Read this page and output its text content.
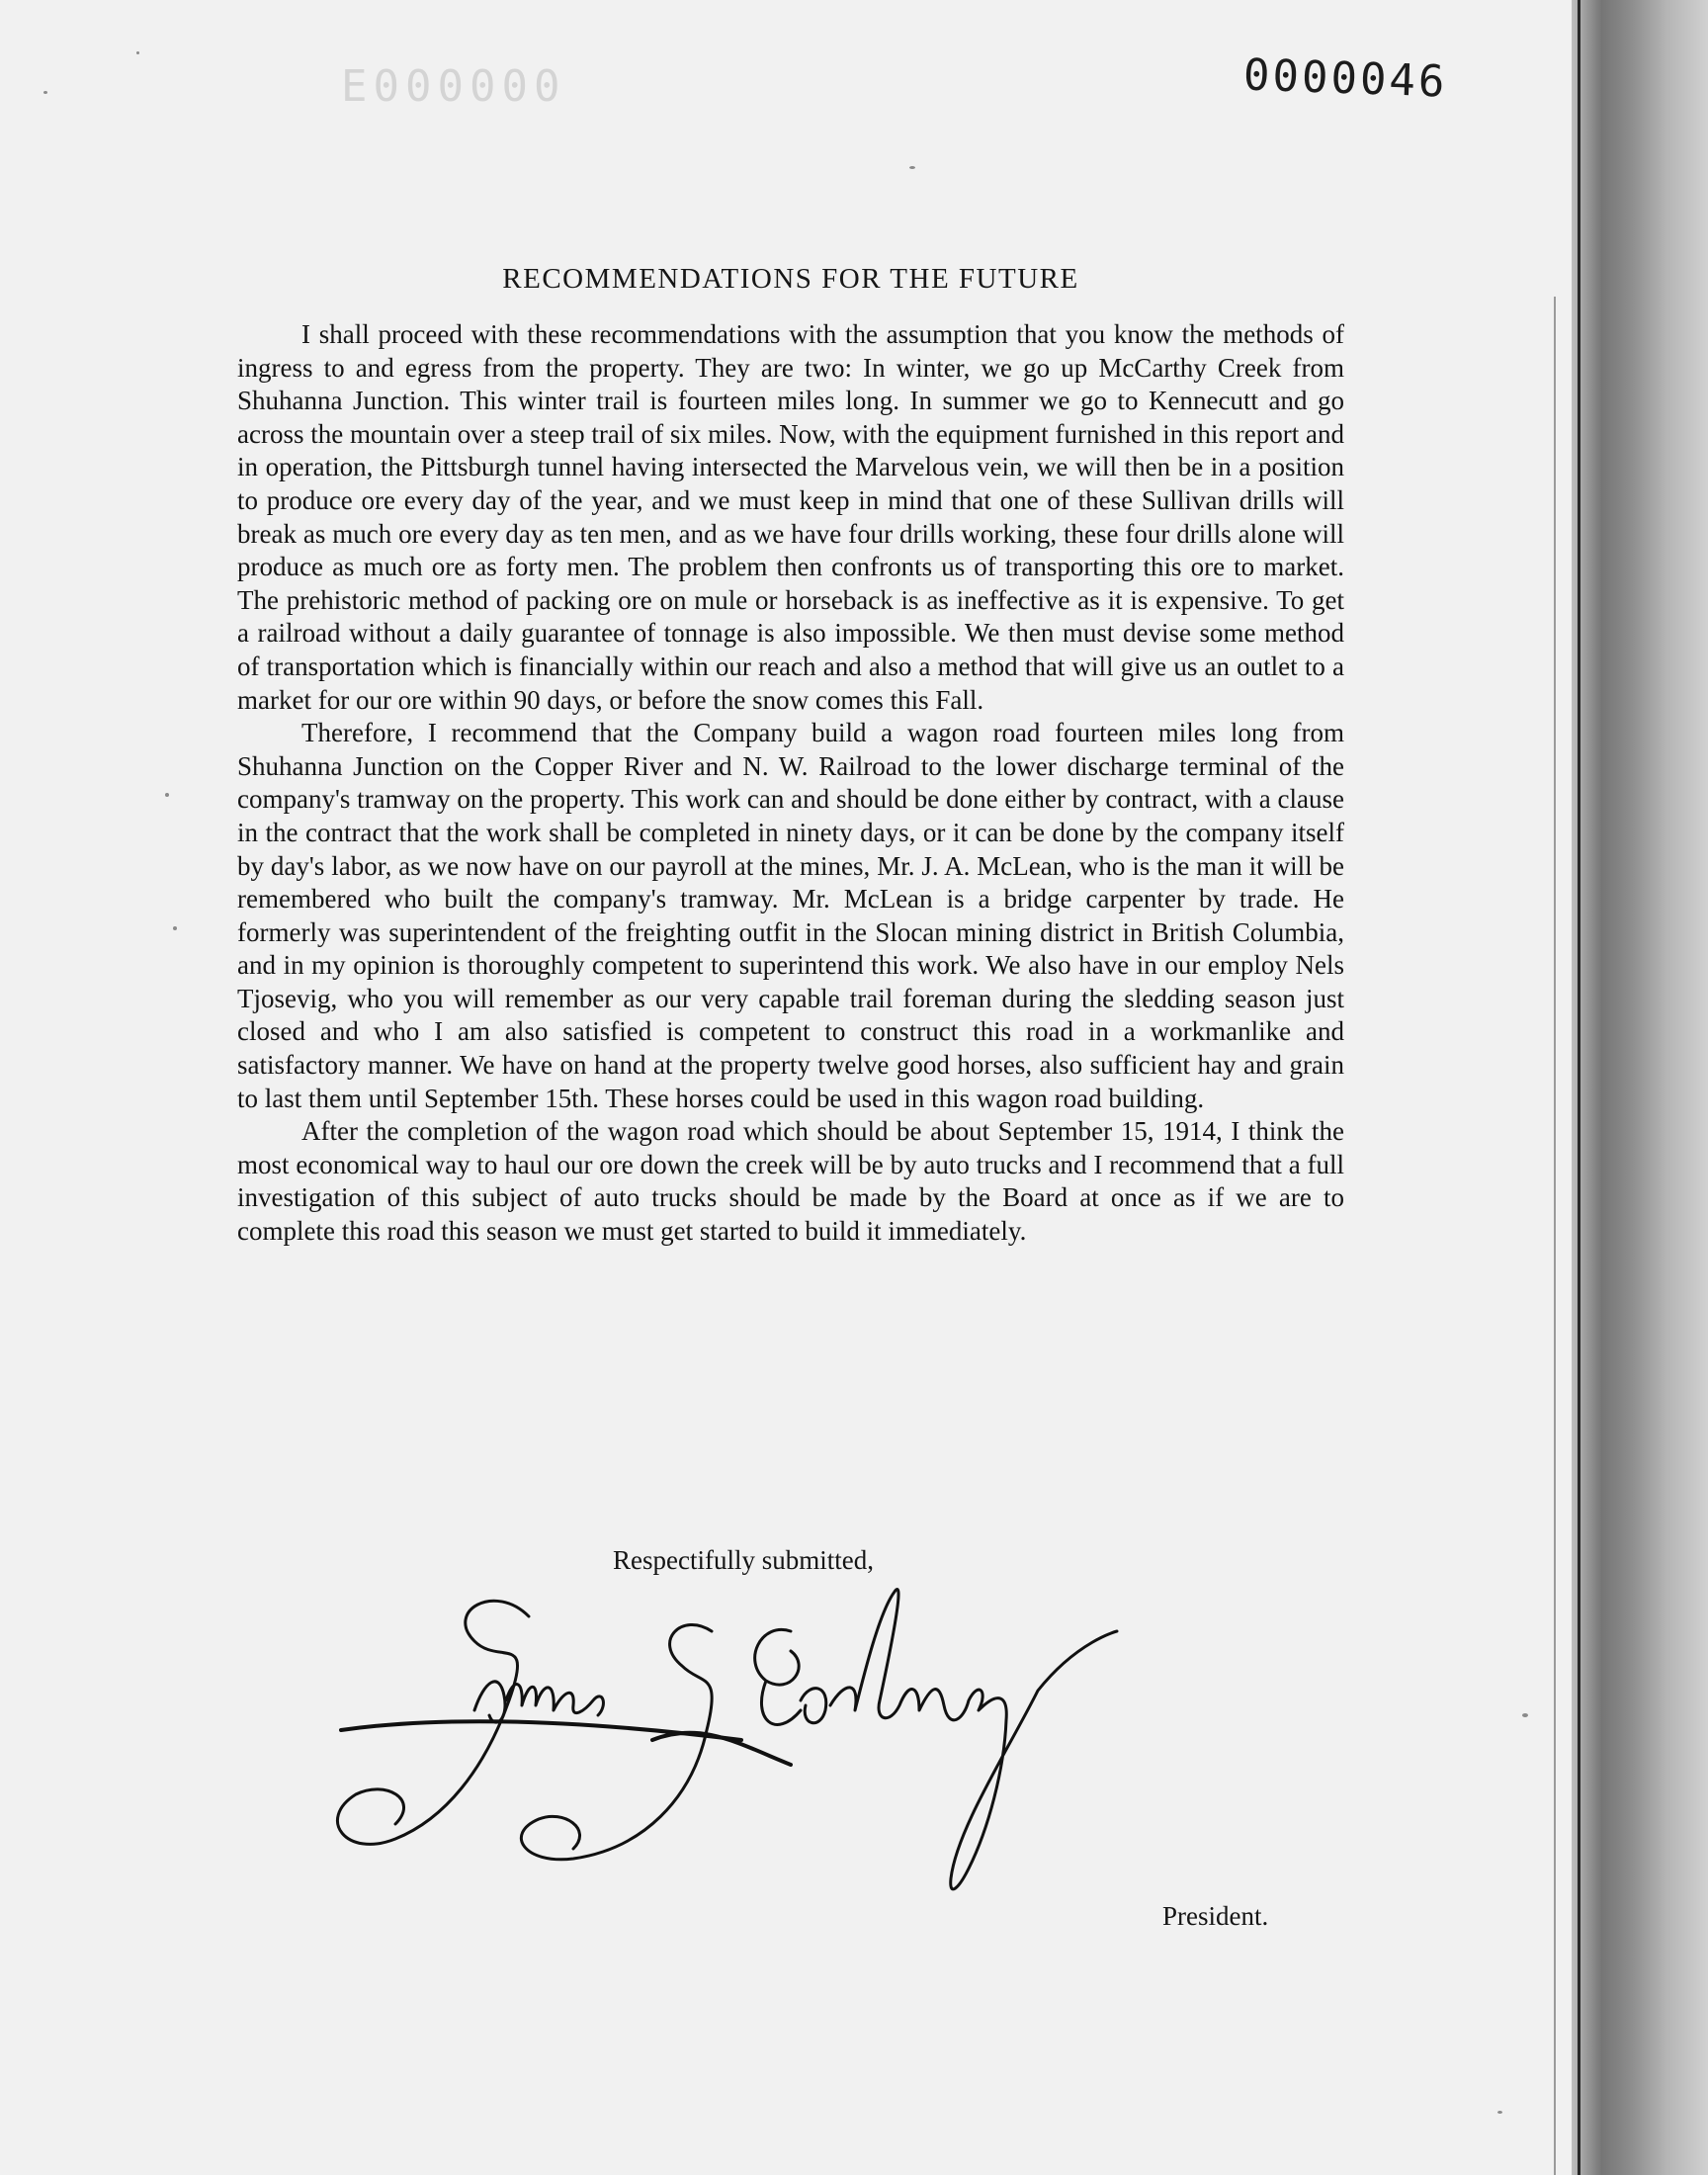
E000000	0000046
RECOMMENDATIONS FOR THE FUTURE

I shall proceed with these recommendations with the assumption that you know the methods of ingress to and egress from the property. They are two: In winter, we go up McCarthy Creek from Shuhanna Junction. This winter trail is fourteen miles long. In summer we go to Kennecutt and go across the mountain over a steep trail of six miles. Now, with the equipment furnished in this report and in operation, the Pittsburgh tunnel having intersected the Marvelous vein, we will then be in a position to produce ore every day of the year, and we must keep in mind that one of these Sullivan drills will break as much ore every day as ten men, and as we have four drills working, these four drills alone will produce as much ore as forty men. The problem then confronts us of transporting this ore to market. The prehistoric method of packing ore on mule or horseback is as ineffective as it is expensive. To get a railroad without a daily guarantee of tonnage is also impossible. We then must devise some method of transportation which is financially within our reach and also a method that will give us an outlet to a market for our ore within 90 days, or before the snow comes this Fall.

Therefore, I recommend that the Company build a wagon road fourteen miles long from Shuhanna Junction on the Copper River and N. W. Railroad to the lower discharge terminal of the company's tramway on the property. This work can and should be done either by contract, with a clause in the contract that the work shall be completed in ninety days, or it can be done by the company itself by day's labor, as we now have on our payroll at the mines, Mr. J. A. McLean, who is the man it will be remembered who built the company's tramway. Mr. McLean is a bridge carpenter by trade. He formerly was superintendent of the freighting outfit in the Slocan mining district in British Columbia, and in my opinion is thoroughly competent to superintend this work. We also have in our employ Nels Tjosevig, who you will remember as our very capable trail foreman during the sledding season just closed and who I am also satisfied is competent to construct this road in a workmanlike and satisfactory manner. We have on hand at the property twelve good horses, also sufficient hay and grain to last them until September 15th. These horses could be used in this wagon road building.

After the completion of the wagon road which should be about September 15, 1914, I think the most economical way to haul our ore down the creek will be by auto trucks and I recommend that a full investigation of this subject of auto trucks should be made by the Board at once as if we are to complete this road this season we must get started to build it immediately.

Respectifully submitted,
President.
